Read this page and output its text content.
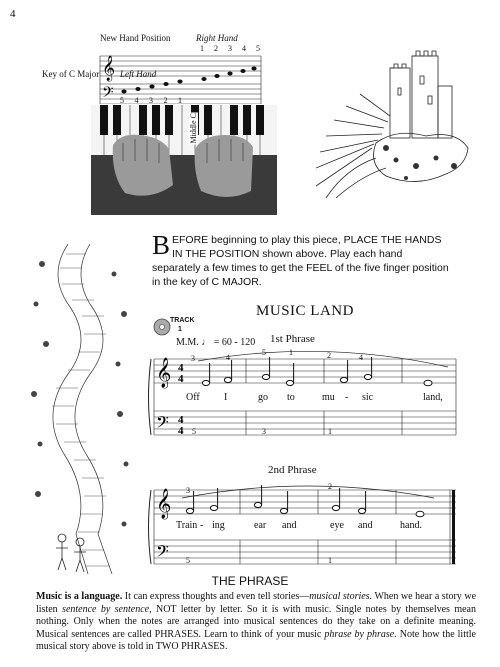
4
New Hand Position	Right Hand
Left Hand
Key of C Major 𝄞
𝄢
1 2 3 4 5
5 4 3 2 1
Middle C
BEFORE beginning to play this piece, PLACE THE HANDS IN THE POSITION shown above. Play each hand separately a few times to get the FEEL of the five finger position in the key of C MAJOR.
TRACK
1
MUSIC LAND
M.M. ♩ = 60 - 120 1st Phrase
𝄞
𝄢
4
4
4
4
3	4
5	1	2	4
5	3	1
Off I	go to	mu - sic	land,
2nd Phrase
𝄞
𝄢
3	2
5	1
Train - ing	ear and	eye and	hand.
THE PHRASE
Music is a language. It can express thoughts and even tell stories—musical stories. When we hear a story we listen sentence by sentence, NOT letter by letter. So it is with music. Single notes by themselves mean nothing. Only when the notes are arranged into musical sentences do they take on a definite meaning. Musical sentences are called PHRASES. Learn to think of your music phrase by phrase. Note how the little musical story above is told in TWO PHRASES.
